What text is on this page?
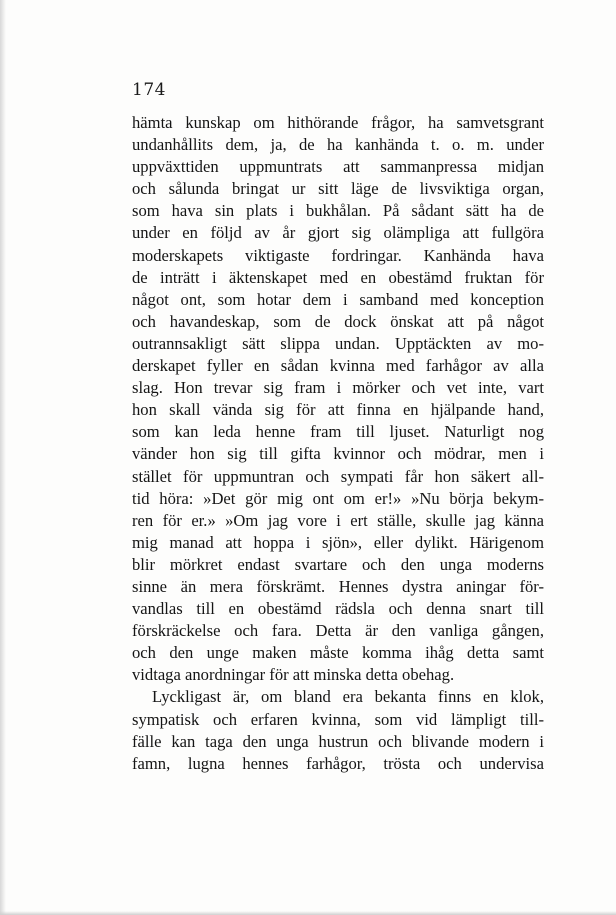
174

hämta kunskap om hithörande frågor, ha samvetsgrant
undanhållits dem, ja, de ha kanhända t. o. m. under
uppväxttiden uppmuntrats att sammanpressa midjan
och sålunda bringat ur sitt läge de livsviktiga organ,
som hava sin plats i bukhålan. På sådant sätt ha de
under en följd av år gjort sig olämpliga att fullgöra
moderskapets viktigaste fordringar. Kanhända hava
de inträtt i äktenskapet med en obestämd fruktan för
något ont, som hotar dem i samband med konception
och havandeskap, som de dock önskat att på något
outrannsakligt sätt slippa undan. Upptäckten av mo-
derskapet fyller en sådan kvinna med farhågor av alla
slag. Hon trevar sig fram i mörker och vet inte, vart
hon skall vända sig för att finna en hjälpande hand,
som kan leda henne fram till ljuset. Naturligt nog
vänder hon sig till gifta kvinnor och mödrar, men i
stället för uppmuntran och sympati får hon säkert all-
tid höra: »Det gör mig ont om er!» »Nu börja bekym-
ren för er.» »Om jag vore i ert ställe, skulle jag känna
mig manad att hoppa i sjön», eller dylikt. Härigenom
blir mörkret endast svartare och den unga moderns
sinne än mera förskrämt. Hennes dystra aningar för-
vandlas till en obestämd rädsla och denna snart till
förskräckelse och fara. Detta är den vanliga gången,
och den unge maken måste komma ihåg detta samt
vidtaga anordningar för att minska detta obehag.
Lyckligast är, om bland era bekanta finns en klok,
sympatisk och erfaren kvinna, som vid lämpligt till-
fälle kan taga den unga hustrun och blivande modern i
famn, lugna hennes farhågor, trösta och undervisa
